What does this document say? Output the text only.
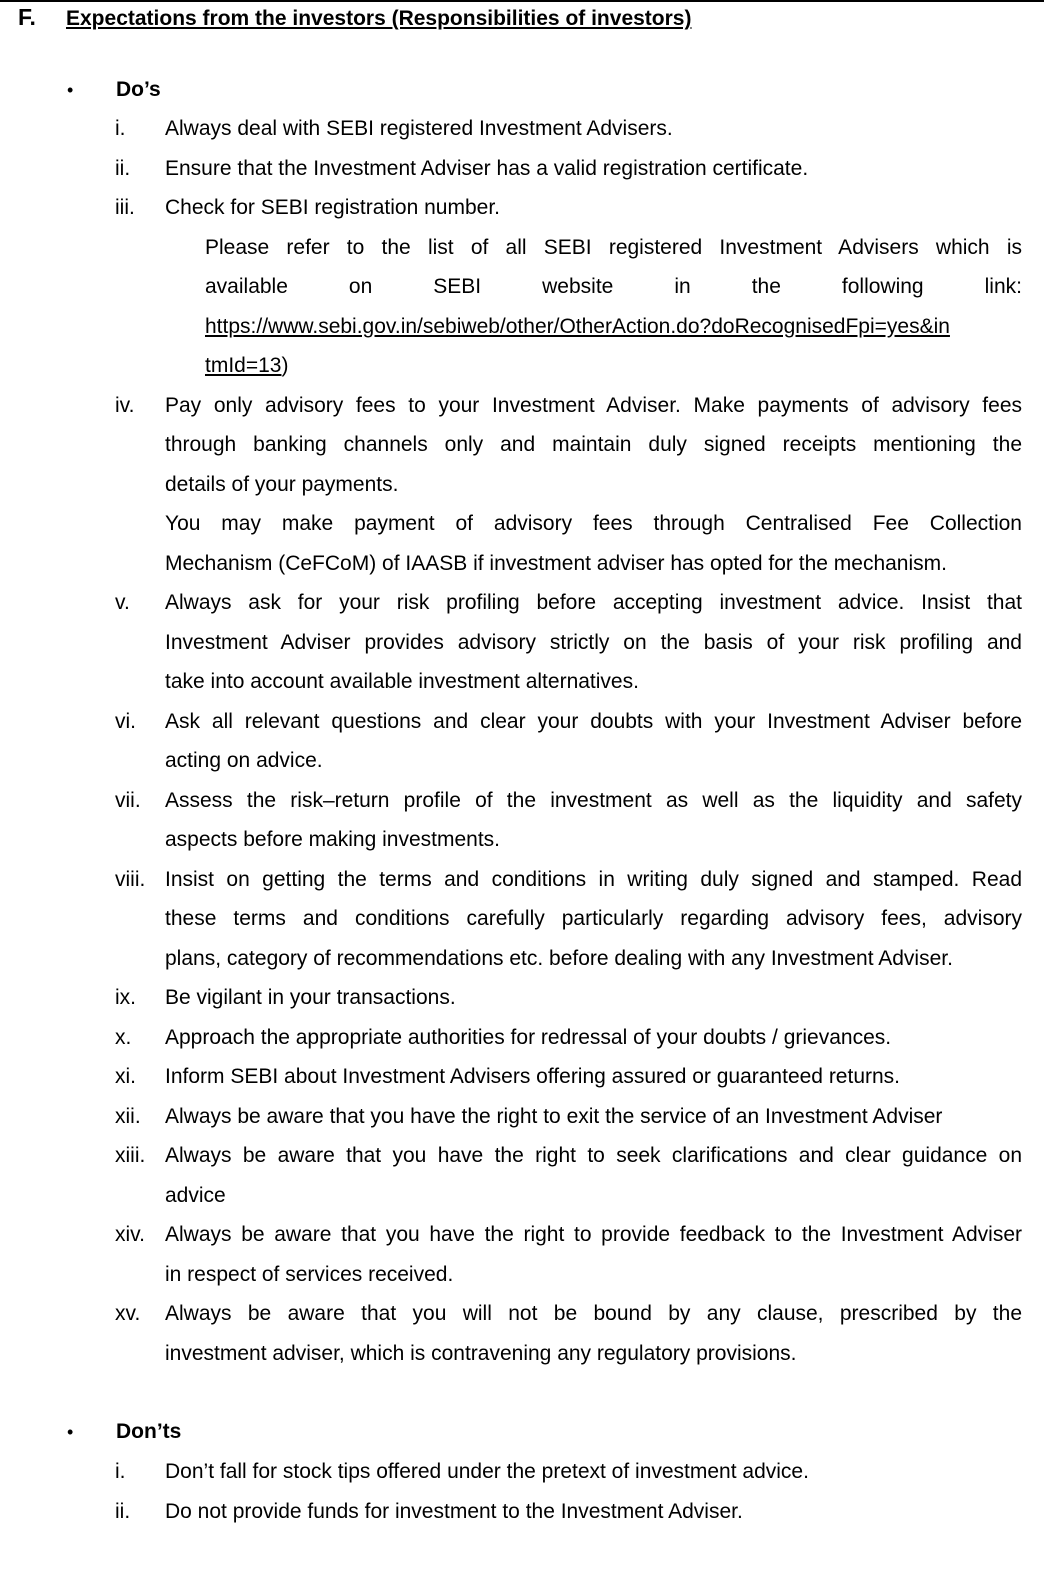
F. Expectations from the investors (Responsibilities of investors)
• Do’s
i. Always deal with SEBI registered Investment Advisers.
ii. Ensure that the Investment Adviser has a valid registration certificate.
iii. Check for SEBI registration number.
Please refer to the list of all SEBI registered Investment Advisers which is
available	on	SEBI	website	in	the	following	link:
https://www.sebi.gov.in/sebiweb/other/OtherAction.do?doRecognisedFpi=yes&in
tmId=13)
iv. Pay only advisory fees to your Investment Adviser. Make payments of advisory fees
through banking channels only and maintain duly signed receipts mentioning the
details of your payments.
You may make payment of advisory fees through Centralised Fee Collection
Mechanism (CeFCoM) of IAASB if investment adviser has opted for the mechanism.
v. Always ask for your risk profiling before accepting investment advice. Insist that
Investment Adviser provides advisory strictly on the basis of your risk profiling and
take into account available investment alternatives.
vi. Ask all relevant questions and clear your doubts with your Investment Adviser before
acting on advice.
vii. Assess the risk–return profile of the investment as well as the liquidity and safety
aspects before making investments.
viii. Insist on getting the terms and conditions in writing duly signed and stamped. Read
these terms and conditions carefully particularly regarding advisory fees, advisory
plans, category of recommendations etc. before dealing with any Investment Adviser.
ix. Be vigilant in your transactions.
x. Approach the appropriate authorities for redressal of your doubts / grievances.
xi. Inform SEBI about Investment Advisers offering assured or guaranteed returns.
xii. Always be aware that you have the right to exit the service of an Investment Adviser
xiii. Always be aware that you have the right to seek clarifications and clear guidance on
advice
xiv. Always be aware that you have the right to provide feedback to the Investment Adviser
in respect of services received.
xv. Always be aware that you will not be bound by any clause, prescribed by the
investment adviser, which is contravening any regulatory provisions.
• Don’ts
i. Don’t fall for stock tips offered under the pretext of investment advice.
ii. Do not provide funds for investment to the Investment Adviser.
